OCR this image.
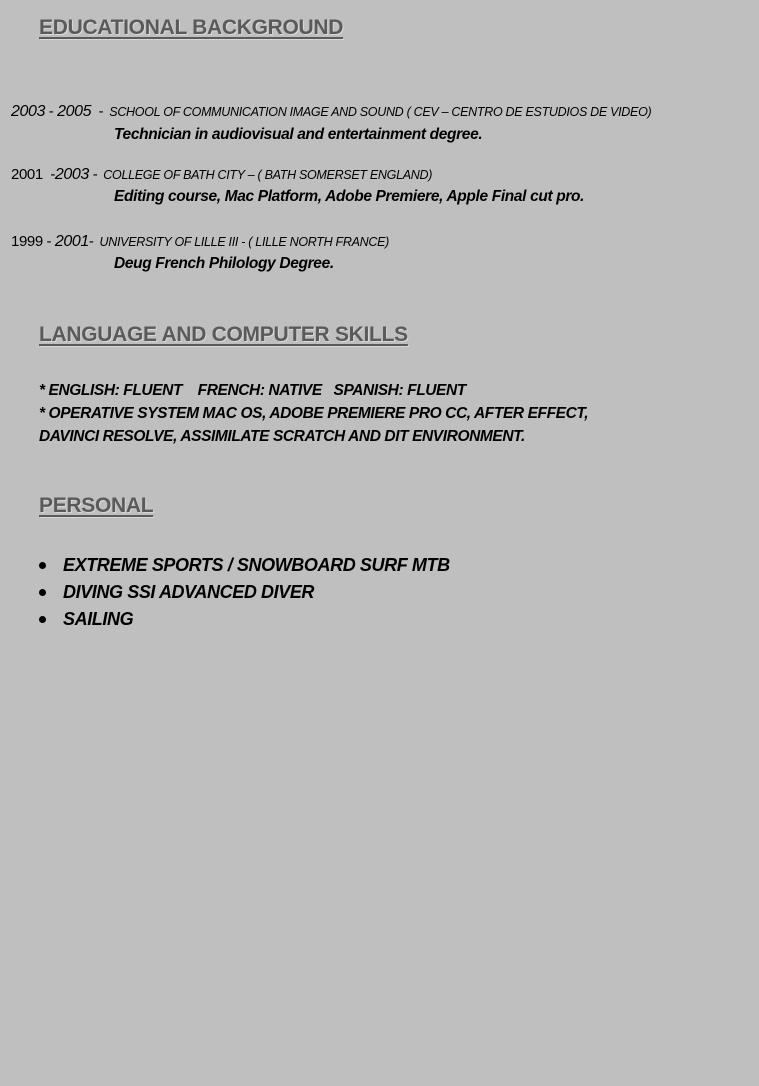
EDUCATIONAL BACKGROUND
2003 - 2005  - SCHOOL OF COMMUNICATION IMAGE AND SOUND ( CEV – CENTRO DE ESTUDIOS DE VIDEO)
Technician in audiovisual and entertainment degree.
2001  -2003 - COLLEGE OF BATH CITY – ( BATH SOMERSET ENGLAND)
Editing course, Mac Platform, Adobe Premiere, Apple Final cut pro.
1999 - 2001- UNIVERSITY OF LILLE III - ( LILLE NORTH FRANCE)
Deug French Philology Degree.
LANGUAGE AND COMPUTER SKILLS
* ENGLISH: FLUENT    FRENCH: NATIVE   SPANISH: FLUENT
* OPERATIVE SYSTEM MAC OS, ADOBE PREMIERE PRO CC, AFTER EFFECT,
DAVINCI RESOLVE, ASSIMILATE SCRATCH AND DIT ENVIRONMENT.
PERSONAL
EXTREME SPORTS / SNOWBOARD SURF MTB
DIVING SSI ADVANCED DIVER
SAILING
